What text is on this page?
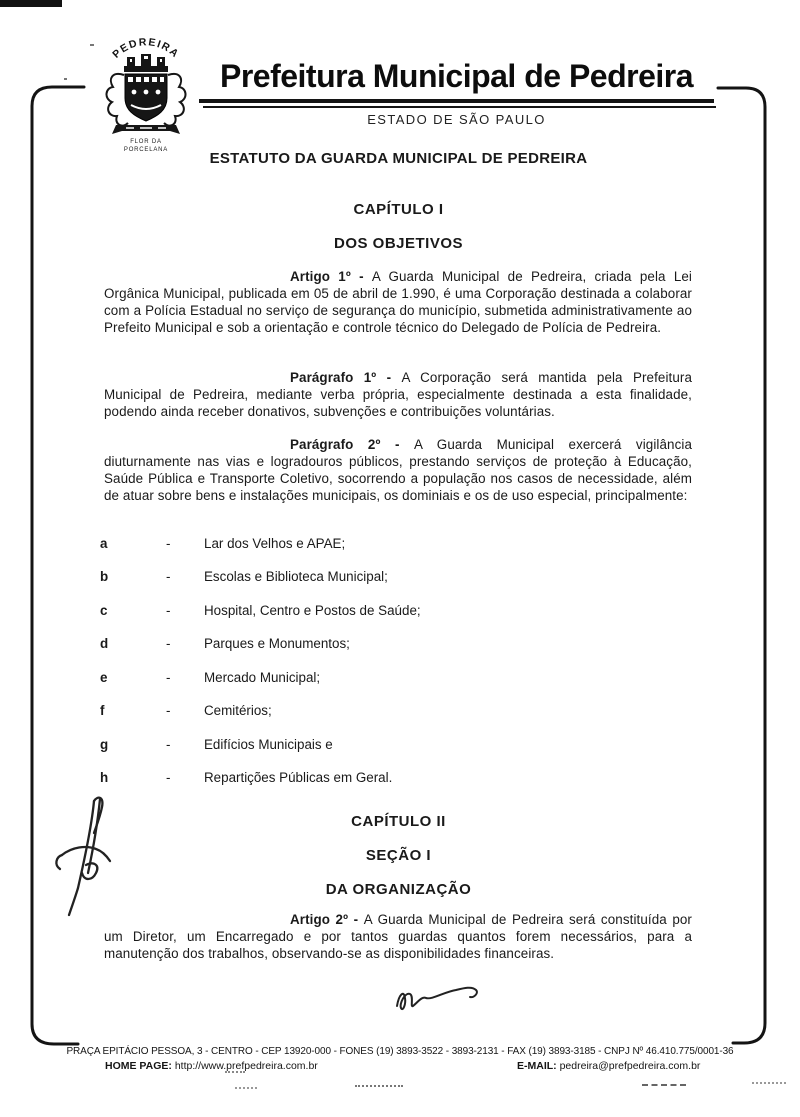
PEDREIRA
FLOR DA
PORCELANA
Prefeitura Municipal de Pedreira
ESTADO DE SÃO PAULO
ESTATUTO DA GUARDA MUNICIPAL DE PEDREIRA
CAPÍTULO I
DOS OBJETIVOS

Artigo 1º - A Guarda Municipal de Pedreira, criada pela Lei Orgânica Municipal, publicada em 05 de abril de 1.990, é uma Corporação destinada a colaborar com a Polícia Estadual no serviço de segurança do município, submetida administrativamente ao Prefeito Municipal e sob a orientação e controle técnico do Delegado de Polícia de Pedreira.

Parágrafo 1º - A Corporação será mantida pela Prefeitura Municipal de Pedreira, mediante verba própria, especialmente destinada a esta finalidade, podendo ainda receber donativos, subvenções e contribuições voluntárias.

Parágrafo 2º - A Guarda Municipal exercerá vigilância diuturnamente nas vias e logradouros públicos, prestando serviços de proteção à Educação, Saúde Pública e Transporte Coletivo, socorrendo a população nos casos de necessidade, além de atuar sobre bens e instalações municipais, os dominiais e os de uso especial, principalmente:

a	-	Lar dos Velhos e APAE;
b	-	Escolas e Biblioteca Municipal;
c	-	Hospital, Centro e Postos de Saúde;
d	-	Parques e Monumentos;
e	-	Mercado Municipal;
f	-	Cemitérios;
g	-	Edifícios Municipais e
h	-	Repartições Públicas em Geral.
CAPÍTULO II
SEÇÃO I
DA ORGANIZAÇÃO

Artigo 2º - A Guarda Municipal de Pedreira será constituída por um Diretor, um Encarregado e por tantos guardas quantos forem necessários, para a manutenção dos trabalhos, observando-se as disponibilidades financeiras.

PRAÇA EPITÁCIO PESSOA, 3 - CENTRO - CEP 13920-000 - FONES (19) 3893-3522 - 3893-2131 - FAX (19) 3893-3185 - CNPJ Nº 46.410.775/0001-36
HOME PAGE: http://www.prefpedreira.com.br	E-MAIL: pedreira@prefpedreira.com.br
